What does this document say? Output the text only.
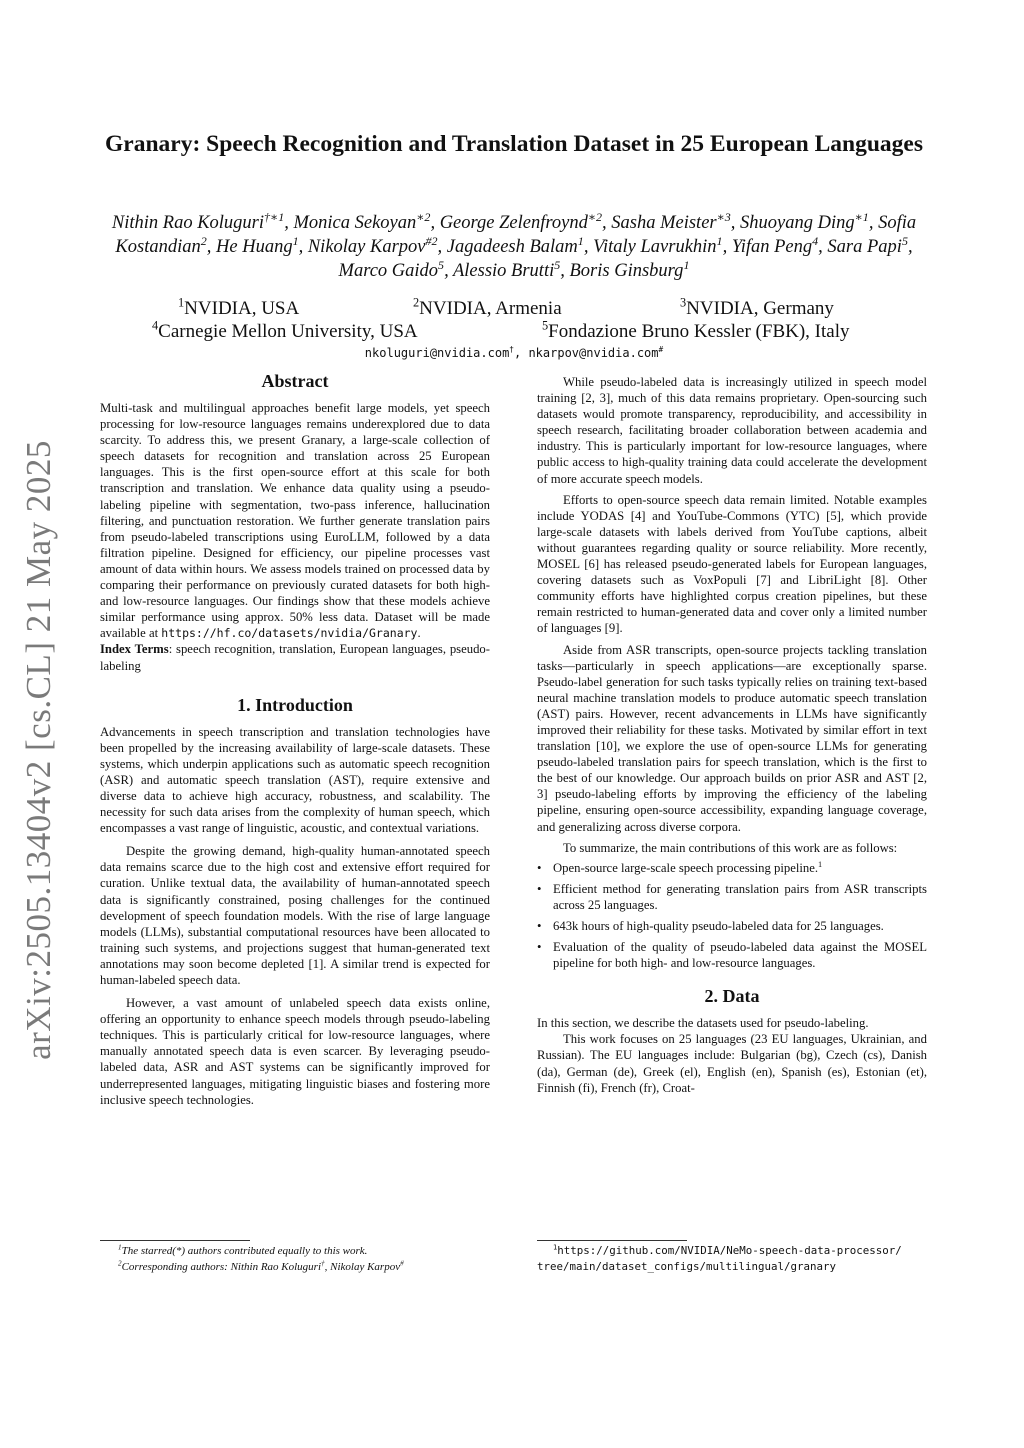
arXiv:2505.13404v2 [cs.CL] 21 May 2025
Granary: Speech Recognition and Translation Dataset in 25 European Languages
Nithin Rao Koluguri$^{\dagger∗1}$, Monica Sekoyan$^{∗2}$, George Zelenfroynd$^{∗2}$, Sasha Meister$^{∗3}$, Shuoyang Ding$^{∗1}$, Sofia Kostandian$^2$, He Huang$^1$, Nikolay Karpov$^{\#2}$, Jagadeesh Balam$^1$, Vitaly Lavrukhin$^1$, Yifan Peng$^4$, Sara Papi$^5$, Marco Gaido$^5$, Alessio Brutti$^5$, Boris Ginsburg$^1$
$^1$NVIDIA, USA	$^2$NVIDIA, Armenia	$^3$NVIDIA, Germany
$^4$Carnegie Mellon University, USA	$^5$Fondazione Bruno Kessler (FBK), Italy
nkoluguri@nvidia.com†, nkarpov@nvidia.com#
Abstract

Multi-task and multilingual approaches benefit large models, yet speech processing for low-resource languages remains underexplored due to data scarcity. To address this, we present Granary, a large-scale collection of speech datasets for recognition and translation across 25 European languages. This is the first open-source effort at this scale for both transcription and translation. We enhance data quality using a pseudo-labeling pipeline with segmentation, two-pass inference, hallucination filtering, and punctuation restoration. We further generate translation pairs from pseudo-labeled transcriptions using EuroLLM, followed by a data filtration pipeline. Designed for efficiency, our pipeline processes vast amount of data within hours. We assess models trained on processed data by comparing their performance on previously curated datasets for both high- and low-resource languages. Our findings show that these models achieve similar performance using approx. 50% less data. Dataset will be made available at https://hf.co/datasets/nvidia/Granary.

Index Terms: speech recognition, translation, European languages, pseudo-labeling

1. Introduction

Advancements in speech transcription and translation technologies have been propelled by the increasing availability of large-scale datasets. These systems, which underpin applications such as automatic speech recognition (ASR) and automatic speech translation (AST), require extensive and diverse data to achieve high accuracy, robustness, and scalability. The necessity for such data arises from the complexity of human speech, which encompasses a vast range of linguistic, acoustic, and contextual variations.

Despite the growing demand, high-quality human-annotated speech data remains scarce due to the high cost and extensive effort required for curation. Unlike textual data, the availability of human-annotated speech data is significantly constrained, posing challenges for the continued development of speech foundation models. With the rise of large language models (LLMs), substantial computational resources have been allocated to training such systems, and projections suggest that human-generated text annotations may soon become depleted [1]. A similar trend is expected for human-labeled speech data.

However, a vast amount of unlabeled speech data exists online, offering an opportunity to enhance speech models through pseudo-labeling techniques. This is particularly critical for low-resource languages, where manually annotated speech data is even scarcer. By leveraging pseudo-labeled data, ASR and AST systems can be significantly improved for underrepresented languages, mitigating linguistic biases and fostering more inclusive speech technologies.

$^1$The starred(*) authors contributed equally to this work.
$^2$Corresponding authors: Nithin Rao Koluguri†, Nikolay Karpov#

While pseudo-labeled data is increasingly utilized in speech model training [2, 3], much of this data remains proprietary. Open-sourcing such datasets would promote transparency, reproducibility, and accessibility in speech research, facilitating broader collaboration between academia and industry. This is particularly important for low-resource languages, where public access to high-quality training data could accelerate the development of more accurate speech models.

Efforts to open-source speech data remain limited. Notable examples include YODAS [4] and YouTube-Commons (YTC) [5], which provide large-scale datasets with labels derived from YouTube captions, albeit without guarantees regarding quality or source reliability. More recently, MOSEL [6] has released pseudo-generated labels for European languages, covering datasets such as VoxPopuli [7] and LibriLight [8]. Other community efforts have highlighted corpus creation pipelines, but these remain restricted to human-generated data and cover only a limited number of languages [9].

Aside from ASR transcripts, open-source projects tackling translation tasks—particularly in speech applications—are exceptionally sparse. Pseudo-label generation for such tasks typically relies on training text-based neural machine translation models to produce automatic speech translation (AST) pairs. However, recent advancements in LLMs have significantly improved their reliability for these tasks. Motivated by similar effort in text translation [10], we explore the use of open-source LLMs for generating pseudo-labeled translation pairs for speech translation, which is the first to the best of our knowledge. Our approach builds on prior ASR and AST [2, 3] pseudo-labeling efforts by improving the efficiency of the labeling pipeline, ensuring open-source accessibility, expanding language coverage, and generalizing across diverse corpora.

To summarize, the main contributions of this work are as follows:

• Open-source large-scale speech processing pipeline.$^1$
• Efficient method for generating translation pairs from ASR transcripts across 25 languages.
• 643k hours of high-quality pseudo-labeled data for 25 languages.
• Evaluation of the quality of pseudo-labeled data against the MOSEL pipeline for both high- and low-resource languages.
2. Data

In this section, we describe the datasets used for pseudo-labeling.

This work focuses on 25 languages (23 EU languages, Ukrainian, and Russian). The EU languages include: Bulgarian (bg), Czech (cs), Danish (da), German (de), Greek (el), English (en), Spanish (es), Estonian (et), Finnish (fi), French (fr), Croat-

$^1$https://github.com/NVIDIA/NeMo-speech-data-processor/
tree/main/dataset_configs/multilingual/granary
